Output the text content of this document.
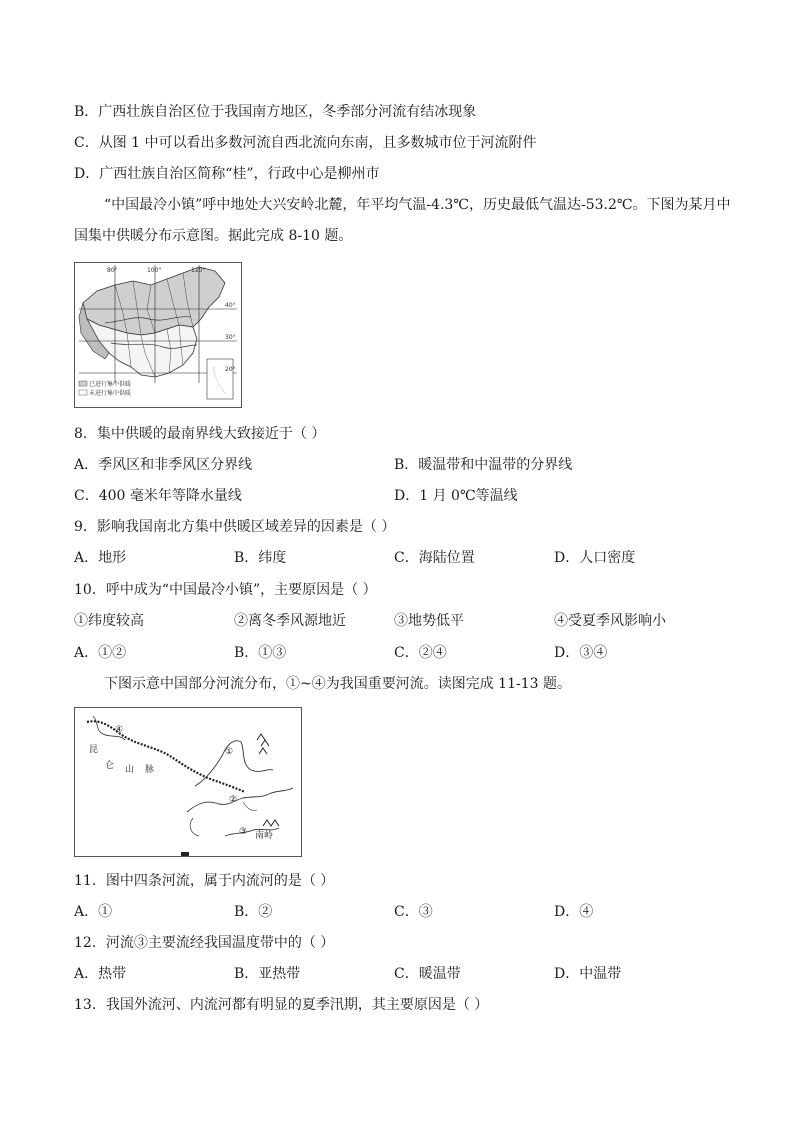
B．广西壮族自治区位于我国南方地区，冬季部分河流有结冰现象
C．从图 1 中可以看出多数河流自西北流向东南，且多数城市位于河流附件
D．广西壮族自治区简称“桂”，行政中心是柳州市
“中国最冷小镇”呼中地处大兴安岭北麓，年平均气温-4.3℃，历史最低气温达-53.2℃。下图为某月中
国集中供暖分布示意图。据此完成 8-10 题。
80°	100°	120°
40°
30°
20°
已进行集中供暖
未进行集中供暖
8．集中供暖的最南界线大致接近于（ ）
A．季风区和非季风区分界线	B．暖温带和中温带的分界线
C．400 毫米年等降水量线	D．1 月 0℃等温线
9．影响我国南北方集中供暖区域差异的因素是（ ）
A．地形	B．纬度	C．海陆位置	D．人口密度
10．呼中成为“中国最冷小镇”，主要原因是（ ）
①纬度较高	②离冬季风源地近	③地势低平	④受夏季风影响小
A．①②	B．①③	C．②④	D．③④
下图示意中国部分河流分布，①~④为我国重要河流。读图完成 11-13 题。
④
①
②
③
昆
仑 山 脉
南岭
11．图中四条河流，属于内流河的是（ ）
A．①	B．②	C．③	D．④
12．河流③主要流经我国温度带中的（ ）
A．热带	B．亚热带	C．暖温带	D．中温带
13．我国外流河、内流河都有明显的夏季汛期，其主要原因是（ ）
